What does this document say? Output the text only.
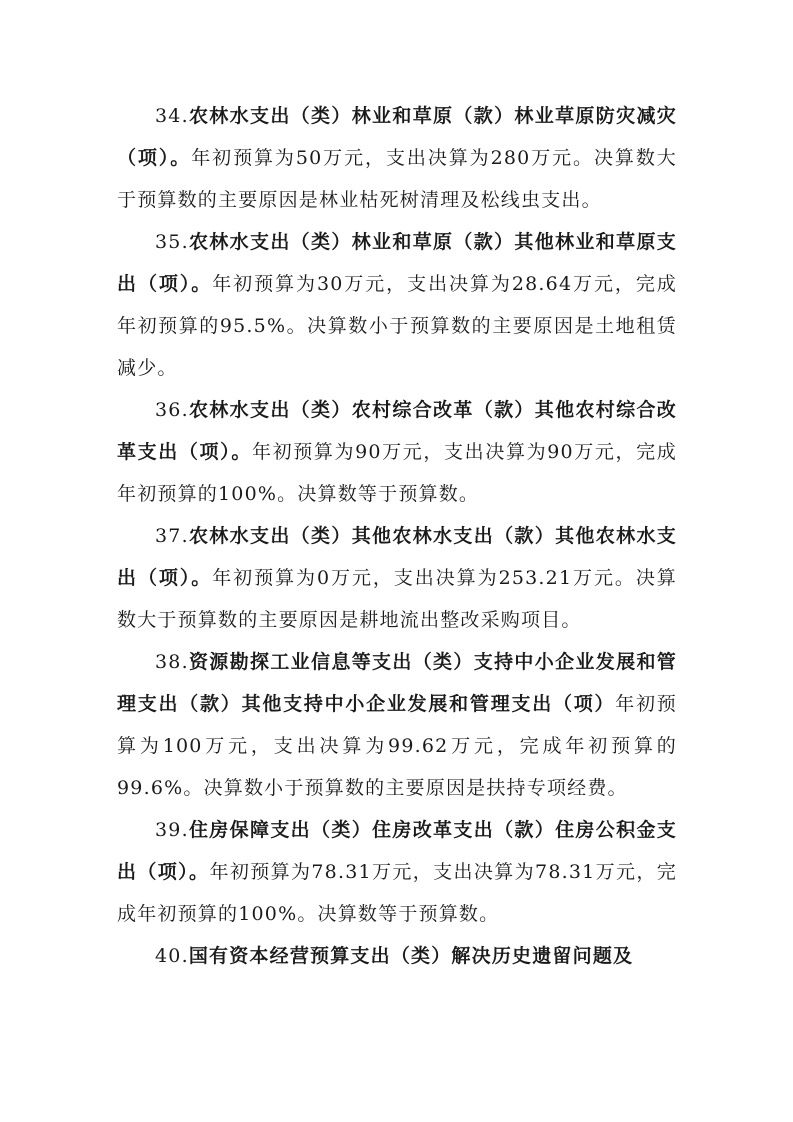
34.农林水支出（类）林业和草原（款）林业草原防灾减灾（项）。年初预算为50万元，支出决算为280万元。决算数大于预算数的主要原因是林业枯死树清理及松线虫支出。

35.农林水支出（类）林业和草原（款）其他林业和草原支出（项）。年初预算为30万元，支出决算为28.64万元，完成年初预算的95.5%。决算数小于预算数的主要原因是土地租赁减少。

36.农林水支出（类）农村综合改革（款）其他农村综合改革支出（项）。年初预算为90万元，支出决算为90万元，完成年初预算的100%。决算数等于预算数。

37.农林水支出（类）其他农林水支出（款）其他农林水支出（项）。年初预算为0万元，支出决算为253.21万元。决算数大于预算数的主要原因是耕地流出整改采购项目。

38.资源勘探工业信息等支出（类）支持中小企业发展和管理支出（款）其他支持中小企业发展和管理支出（项）年初预算为100万元，支出决算为99.62万元，完成年初预算的99.6%。决算数小于预算数的主要原因是扶持专项经费。

39.住房保障支出（类）住房改革支出（款）住房公积金支出（项）。年初预算为78.31万元，支出决算为78.31万元，完成年初预算的100%。决算数等于预算数。

40.国有资本经营预算支出（类）解决历史遗留问题及
